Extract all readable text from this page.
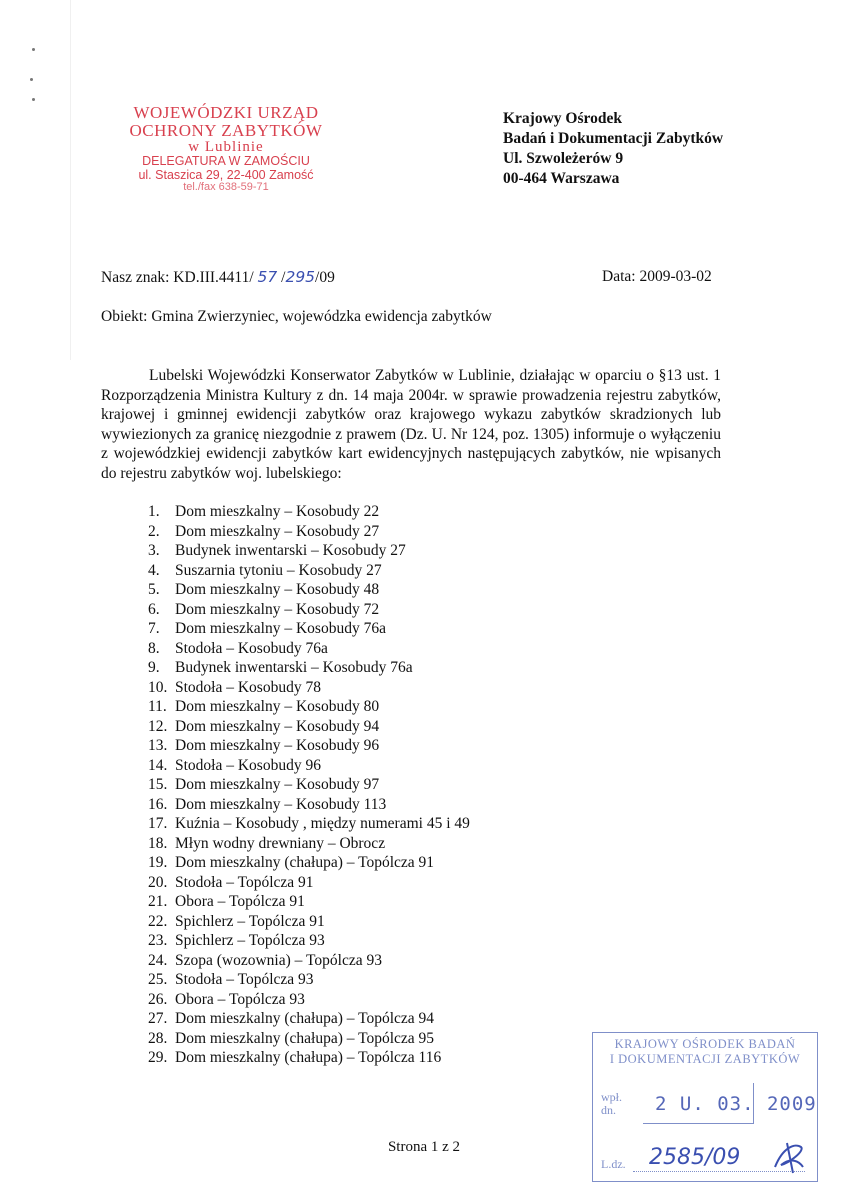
WOJEWÓDZKI URZĄD
OCHRONY ZABYTKÓW
w Lublinie
DELEGATURA W ZAMOŚCIU
ul. Staszica 29, 22-400 Zamość
tel./fax 638-59-71
Krajowy Ośrodek
Badań i Dokumentacji Zabytków
Ul. Szwoleżerów 9
00-464 Warszawa
Nasz znak: KD.III.4411/ 57 /295/09	Data: 2009-03-02
Obiekt: Gmina Zwierzyniec, wojewódzka ewidencja zabytków
Lubelski Wojewódzki Konserwator Zabytków w Lublinie, działając w oparciu o §13 ust. 1 Rozporządzenia Ministra Kultury z dn. 14 maja 2004r. w sprawie prowadzenia rejestru zabytków, krajowej i gminnej ewidencji zabytków oraz krajowego wykazu zabytków skradzionych lub wywiezionych za granicę niezgodnie z prawem (Dz. U. Nr 124, poz. 1305) informuje o wyłączeniu z wojewódzkiej ewidencji zabytków kart ewidencyjnych następujących zabytków, nie wpisanych do rejestru zabytków woj. lubelskiego:
1. Dom mieszkalny – Kosobudy 22
2. Dom mieszkalny – Kosobudy 27
3. Budynek inwentarski – Kosobudy 27
4. Suszarnia tytoniu – Kosobudy 27
5. Dom mieszkalny – Kosobudy 48
6. Dom mieszkalny – Kosobudy 72
7. Dom mieszkalny – Kosobudy 76a
8. Stodoła – Kosobudy 76a
9. Budynek inwentarski – Kosobudy 76a
10. Stodoła – Kosobudy 78
11. Dom mieszkalny – Kosobudy 80
12. Dom mieszkalny – Kosobudy 94
13. Dom mieszkalny – Kosobudy 96
14. Stodoła – Kosobudy 96
15. Dom mieszkalny – Kosobudy 97
16. Dom mieszkalny – Kosobudy 113
17. Kuźnia – Kosobudy , między numerami 45 i 49
18. Młyn wodny drewniany – Obrocz
19. Dom mieszkalny (chałupa) – Topólcza 91
20. Stodoła – Topólcza 91
21. Obora – Topólcza 91
22. Spichlerz – Topólcza 91
23. Spichlerz – Topólcza 93
24. Szopa (wozownia) – Topólcza 93
25. Stodoła – Topólcza 93
26. Obora – Topólcza 93
27. Dom mieszkalny (chałupa) – Topólcza 94
28. Dom mieszkalny (chałupa) – Topólcza 95
29. Dom mieszkalny (chałupa) – Topólcza 116
Strona 1 z 2
KRAJOWY OŚRODEK BADAŃ
I DOKUMENTACJI ZABYTKÓW
wpł.
dn.	2 U. 03. 2009
L.dz. 2585/09
